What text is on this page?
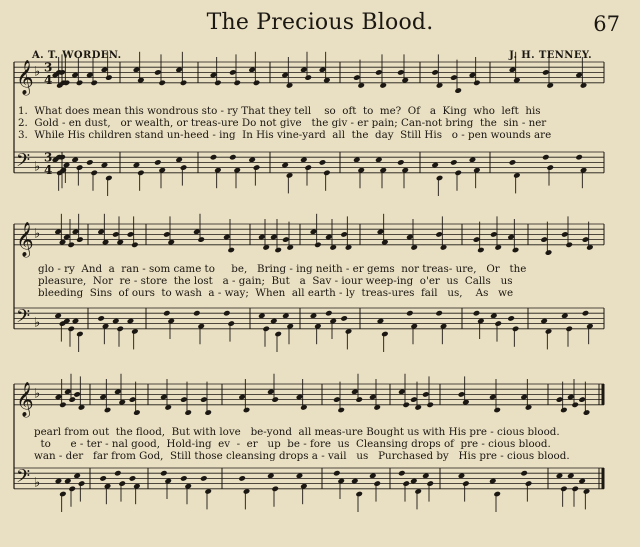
The Precious Blood.	67
A. T. WORDEN.	J. H. TENNEY.
𝄞 ♭ 3
4
𝄢 ♭
3
4
𝄞 ♭
𝄢 ♭
𝄞 ♭
𝄢 ♭
1.  What does mean this wondrous sto - ry That they tell    so  oft  to  me?  Of   a  King  who  left  his
2.  Gold - en dust,   or wealth, or treas-ure Do not give   the giv - er pain; Can-not bring  the  sin - ner
3.  While His children stand un-heed - ing  In His vine-yard  all  the  day  Still His   o - pen wounds are
glo - ry  And  a  ran - som came to     be,   Bring - ing neith - er gems  nor treas- ure,   Or   the
pleasure,  Nor  re - store  the lost   a - gain;  But   a  Sav - iour weep-ing  o'er  us  Calls   us
bleeding  Sins  of ours  to wash  a - way;  When  all earth - ly  treas-ures  fail   us,    As   we
pearl from out  the flood,  But with love   be-yond  all meas-ure Bought us with His pre - cious blood.
to      e - ter - nal good,  Hold-ing  ev  -  er   up  be - fore  us  Cleansing drops of  pre - cious blood.
wan - der   far from God,  Still those cleansing drops a - vail   us   Purchased by   His pre - cious blood.
